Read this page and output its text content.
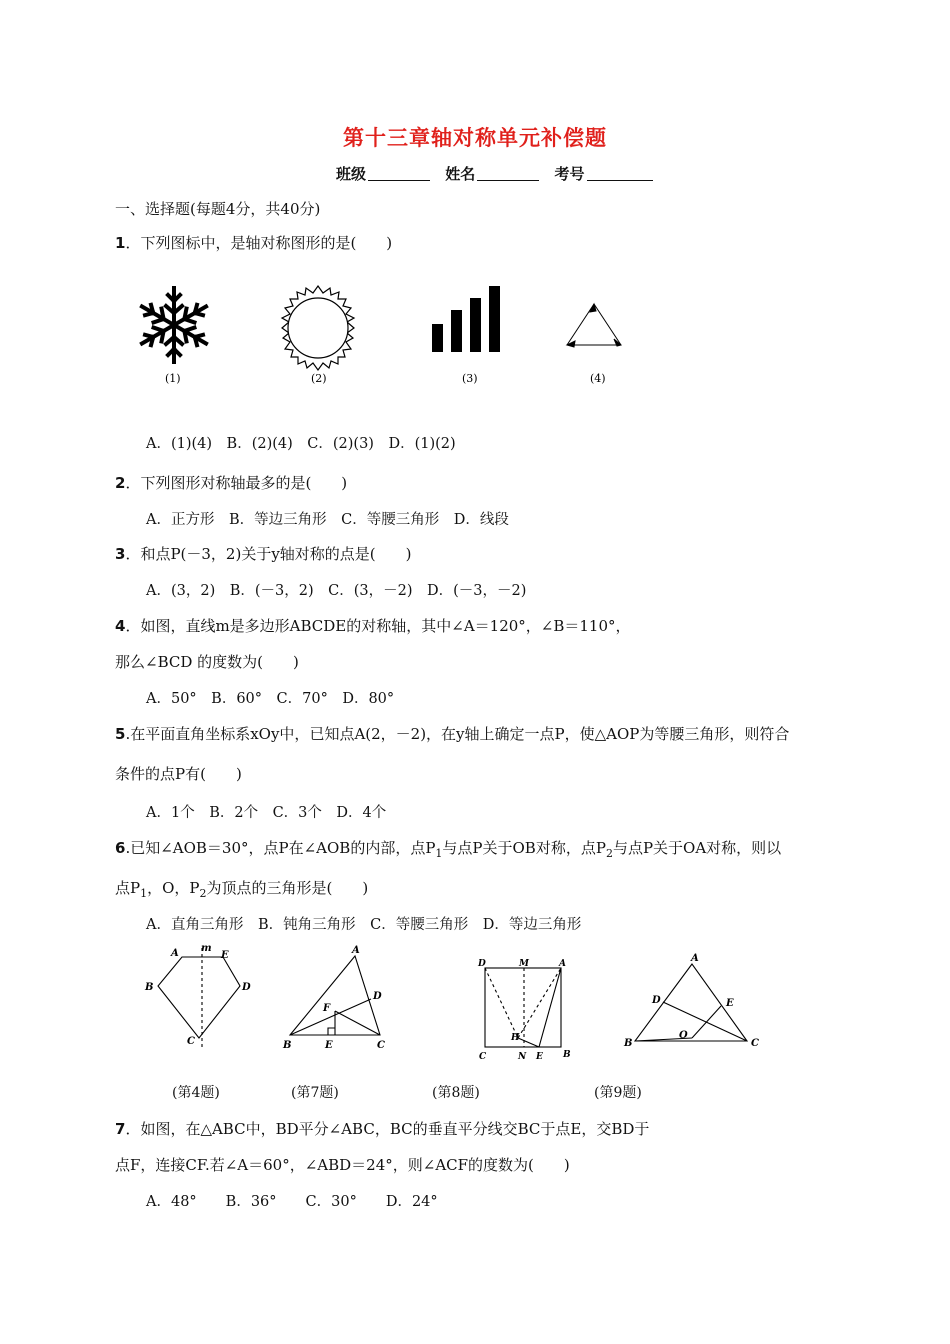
第十三章轴对称单元补偿题
班级	姓名	考号
一、选择题(每题4分，共40分)
1．下列图标中，是轴对称图形的是(　　)
(1)	(2)	(3)	(4)
A．(1)(4)　B．(2)(4)　C．(2)(3)　D．(1)(2)
2．下列图形对称轴最多的是(　　)
A．正方形　B．等边三角形　C．等腰三角形　D．线段
3．和点P(－3，2)关于y轴对称的点是(　　)
A．(3，2)　B．(－3，2)　C．(3，－2)　D．(－3，－2)
4．如图，直线m是多边形ABCDE的对称轴，其中∠A＝120°，∠B＝110°，
那么∠BCD 的度数为(　　)
A．50°　B．60°　C．70°　D．80°
5.在平面直角坐标系xOy中，已知点A(2，－2)，在y轴上确定一点P，使△AOP为等腰三角形，则符合
条件的点P有(　　)
A．1个　B．2个　C．3个　D．4个
6.已知∠AOB＝30°，点P在∠AOB的内部，点$P_1$与点P关于OB对称，点$P_2$与点P关于OA对称，则以
点$P_1$，O，$P_2$为顶点的三角形是(　　)
A．直角三角形　B．钝角三角形　C．等腰三角形　D．等边三角形
A m
E
B	D
C
A
D
F
B	E	C
D	M	A
H
C	N E B
A
D	E
O
B	C
(第4题)	(第7题)	(第8题)	(第9题)
7．如图，在△ABC中，BD平分∠ABC，BC的垂直平分线交BC于点E，交BD于
点F，连接CF.若∠A＝60°，∠ABD＝24°，则∠ACF的度数为(　　)
A．48°　　B．36°　　C．30°　　D．24°
